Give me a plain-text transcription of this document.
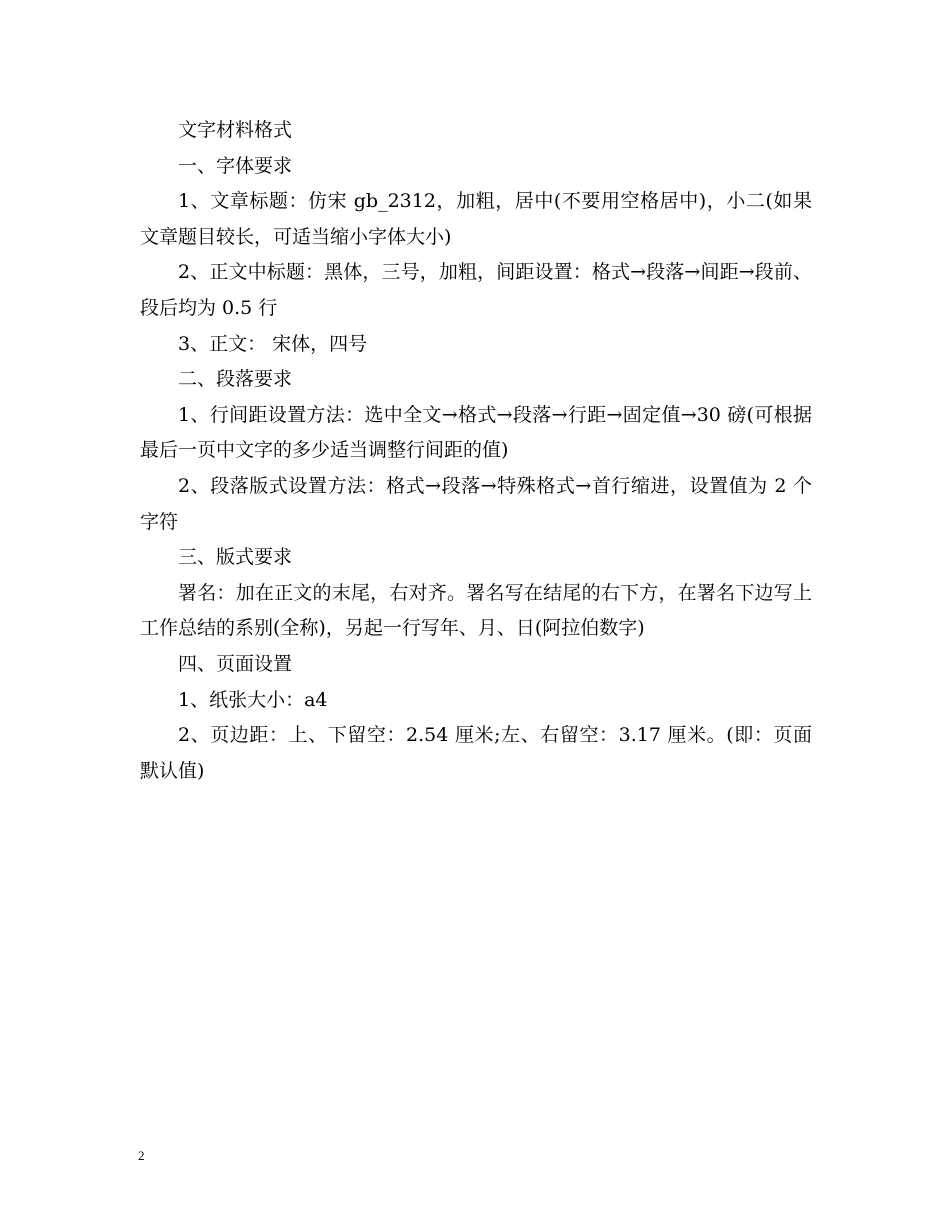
文字材料格式

一、字体要求

1、文章标题：仿宋 gb_2312，加粗，居中(不要用空格居中)，小二(如果文章题目较长，可适当缩小字体大小)

2、正文中标题：黑体，三号，加粗，间距设置：格式→段落→间距→段前、段后均为 0.5 行

3、正文： 宋体，四号

二、段落要求

1、行间距设置方法：选中全文→格式→段落→行距→固定值→30 磅(可根据最后一页中文字的多少适当调整行间距的值)

2、段落版式设置方法：格式→段落→特殊格式→首行缩进，设置值为 2 个字符

三、版式要求

署名：加在正文的末尾，右对齐。署名写在结尾的右下方，在署名下边写上工作总结的系别(全称)，另起一行写年、月、日(阿拉伯数字)

四、页面设置

1、纸张大小：a4

2、页边距：上、下留空：2.54 厘米;左、右留空：3.17 厘米。(即：页面默认值)

2
